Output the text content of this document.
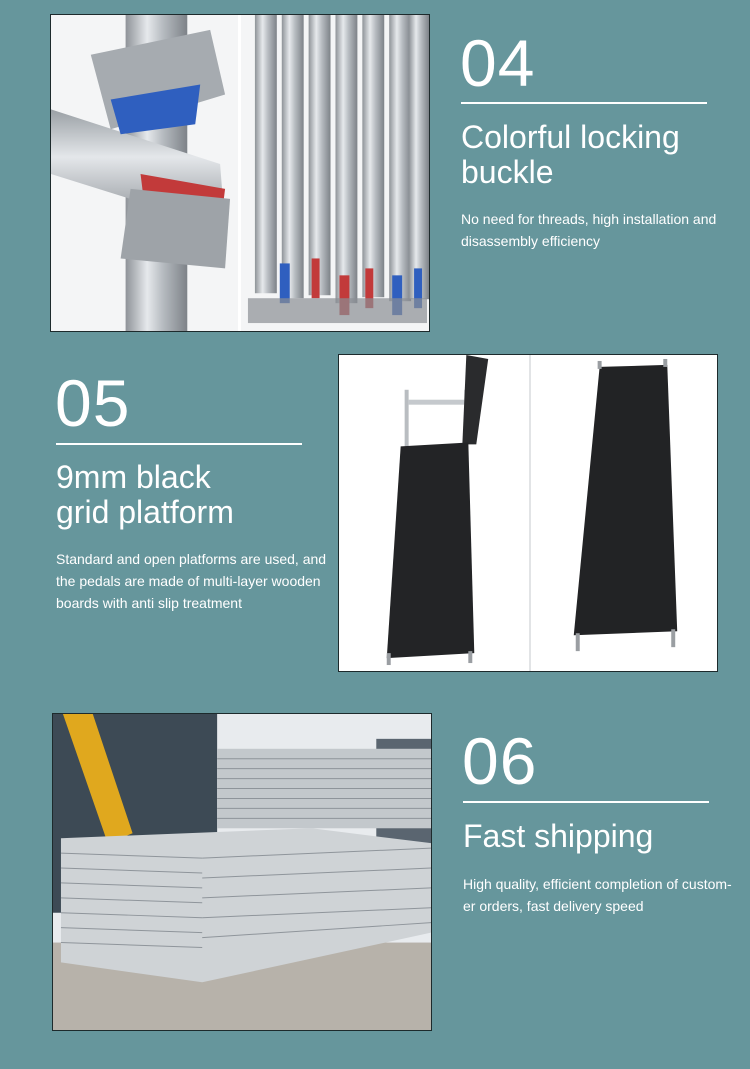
04
Colorful locking
buckle

No need for threads, high installation and
disassembly efficiency

05
9mm black
grid platform

Standard and open platforms are used, and
the pedals are made of multi-layer wooden
boards with anti slip treatment

06
Fast shipping

High quality, efficient completion of custom-
er orders, fast delivery speed
